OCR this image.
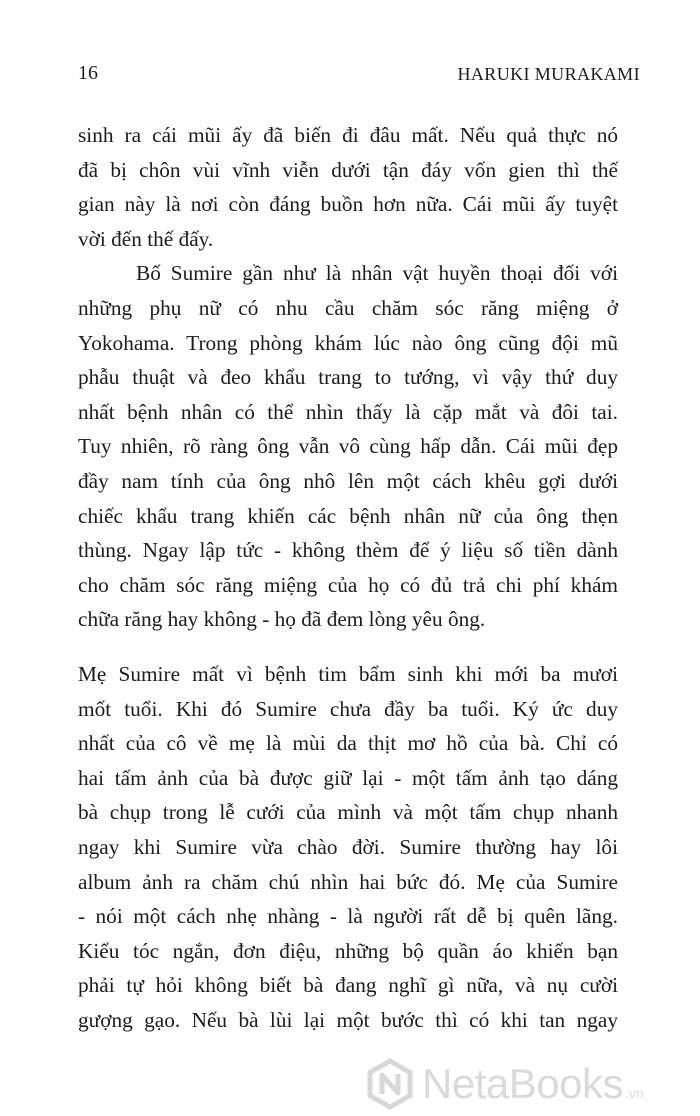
16	HARUKI MURAKAMI
sinh ra cái mũi ấy đã biến đi đâu mất. Nếu quả thực nó
đã bị chôn vùi vĩnh viễn dưới tận đáy vốn gien thì thế
gian này là nơi còn đáng buồn hơn nữa. Cái mũi ấy tuyệt
vời đến thế đấy.
Bố Sumire gần như là nhân vật huyền thoại đối với
những phụ nữ có nhu cầu chăm sóc răng miệng ở
Yokohama. Trong phòng khám lúc nào ông cũng đội mũ
phẫu thuật và đeo khẩu trang to tướng, vì vậy thứ duy
nhất bệnh nhân có thể nhìn thấy là cặp mắt và đôi tai.
Tuy nhiên, rõ ràng ông vẫn vô cùng hấp dẫn. Cái mũi đẹp
đầy nam tính của ông nhô lên một cách khêu gợi dưới
chiếc khẩu trang khiến các bệnh nhân nữ của ông thẹn
thùng. Ngay lập tức - không thèm để ý liệu số tiền dành
cho chăm sóc răng miệng của họ có đủ trả chi phí khám
chữa răng hay không - họ đã đem lòng yêu ông.
Mẹ Sumire mất vì bệnh tim bẩm sinh khi mới ba mươi
mốt tuổi. Khi đó Sumire chưa đầy ba tuổi. Ký ức duy
nhất của cô về mẹ là mùi da thịt mơ hồ của bà. Chỉ có
hai tấm ảnh của bà được giữ lại - một tấm ảnh tạo dáng
bà chụp trong lễ cưới của mình và một tấm chụp nhanh
ngay khi Sumire vừa chào đời. Sumire thường hay lôi
album ảnh ra chăm chú nhìn hai bức đó. Mẹ của Sumire
- nói một cách nhẹ nhàng - là người rất dễ bị quên lãng.
Kiểu tóc ngắn, đơn điệu, những bộ quần áo khiến bạn
phải tự hỏi không biết bà đang nghĩ gì nữa, và nụ cười
gượng gạo. Nếu bà lùi lại một bước thì có khi tan ngay
NetaBooks .vn
